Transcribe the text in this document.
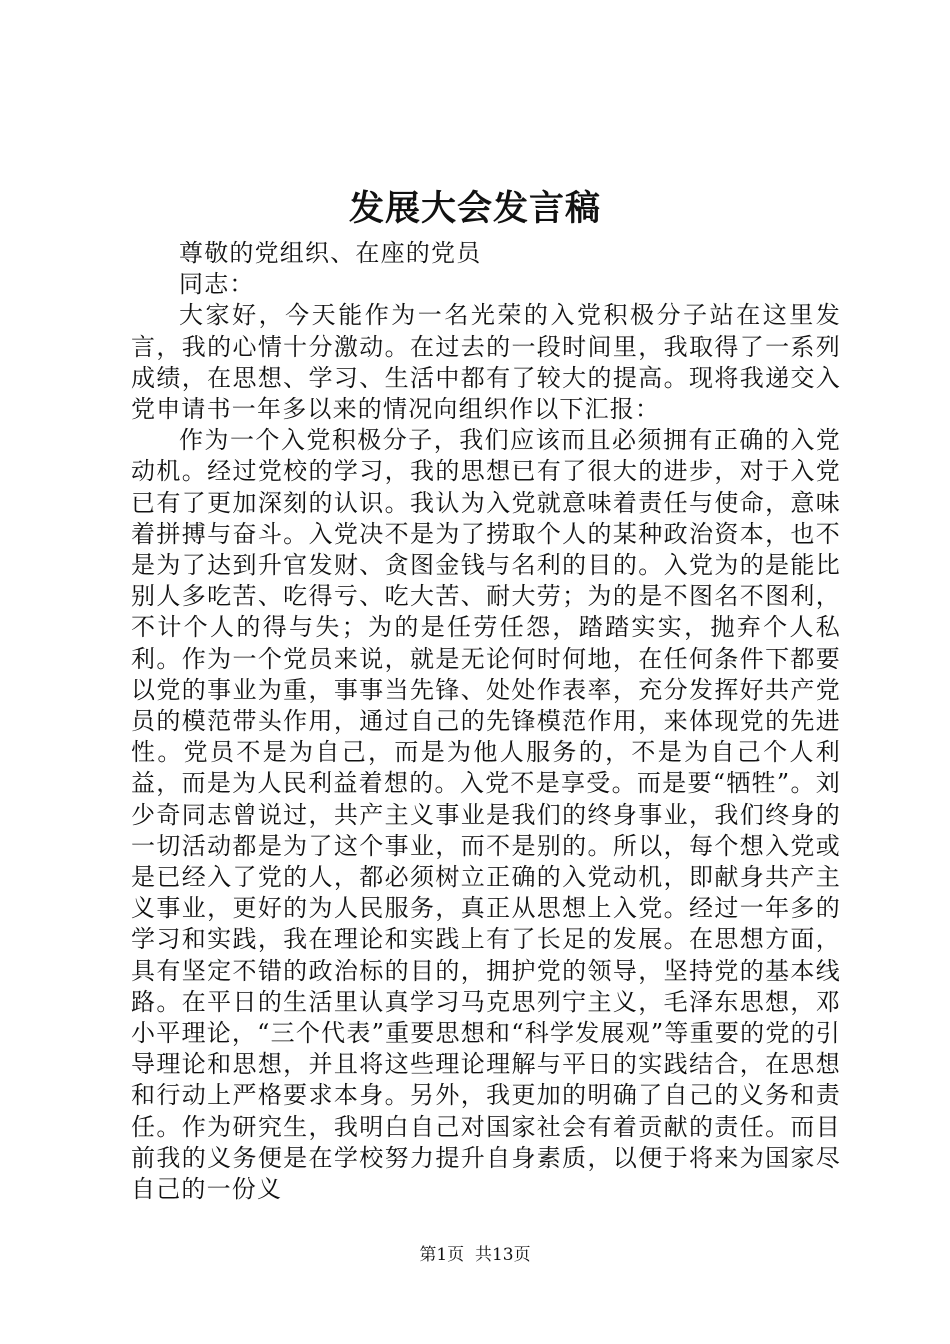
发展大会发言稿

尊敬的党组织、在座的党员

同志：

大家好，今天能作为一名光荣的入党积极分子站在这里发言，我的心情十分激动。在过去的一段时间里，我取得了一系列成绩，在思想、学习、生活中都有了较大的提高。现将我递交入党申请书一年多以来的情况向组织作以下汇报：

作为一个入党积极分子，我们应该而且必须拥有正确的入党动机。经过党校的学习，我的思想已有了很大的进步，对于入党已有了更加深刻的认识。我认为入党就意味着责任与使命，意味着拼搏与奋斗。入党决不是为了捞取个人的某种政治资本，也不是为了达到升官发财、贪图金钱与名利的目的。入党为的是能比别人多吃苦、吃得亏、吃大苦、耐大劳；为的是不图名不图利，不计个人的得与失；为的是任劳任怨，踏踏实实，抛弃个人私利。作为一个党员来说，就是无论何时何地，在任何条件下都要以党的事业为重，事事当先锋、处处作表率，充分发挥好共产党员的模范带头作用，通过自己的先锋模范作用，来体现党的先进性。党员不是为自己，而是为他人服务的，不是为自己个人利益，而是为人民利益着想的。入党不是享受。而是要“牺牲”。刘少奇同志曾说过，共产主义事业是我们的终身事业，我们终身的一切活动都是为了这个事业，而不是别的。所以，每个想入党或是已经入了党的人，都必须树立正确的入党动机，即献身共产主义事业，更好的为人民服务，真正从思想上入党。经过一年多的学习和实践，我在理论和实践上有了长足的发展。在思想方面，具有坚定不错的政治标的目的，拥护党的领导，坚持党的基本线路。在平日的生活里认真学习马克思列宁主义，毛泽东思想，邓小平理论，“三个代表”重要思想和“科学发展观”等重要的党的引导理论和思想，并且将这些理论理解与平日的实践结合，在思想和行动上严格要求本身。另外，我更加的明确了自己的义务和责任。作为研究生，我明白自己对国家社会有着贡献的责任。而目前我的义务便是在学校努力提升自身素质，以便于将来为国家尽自己的一份义

第1页  共13页
